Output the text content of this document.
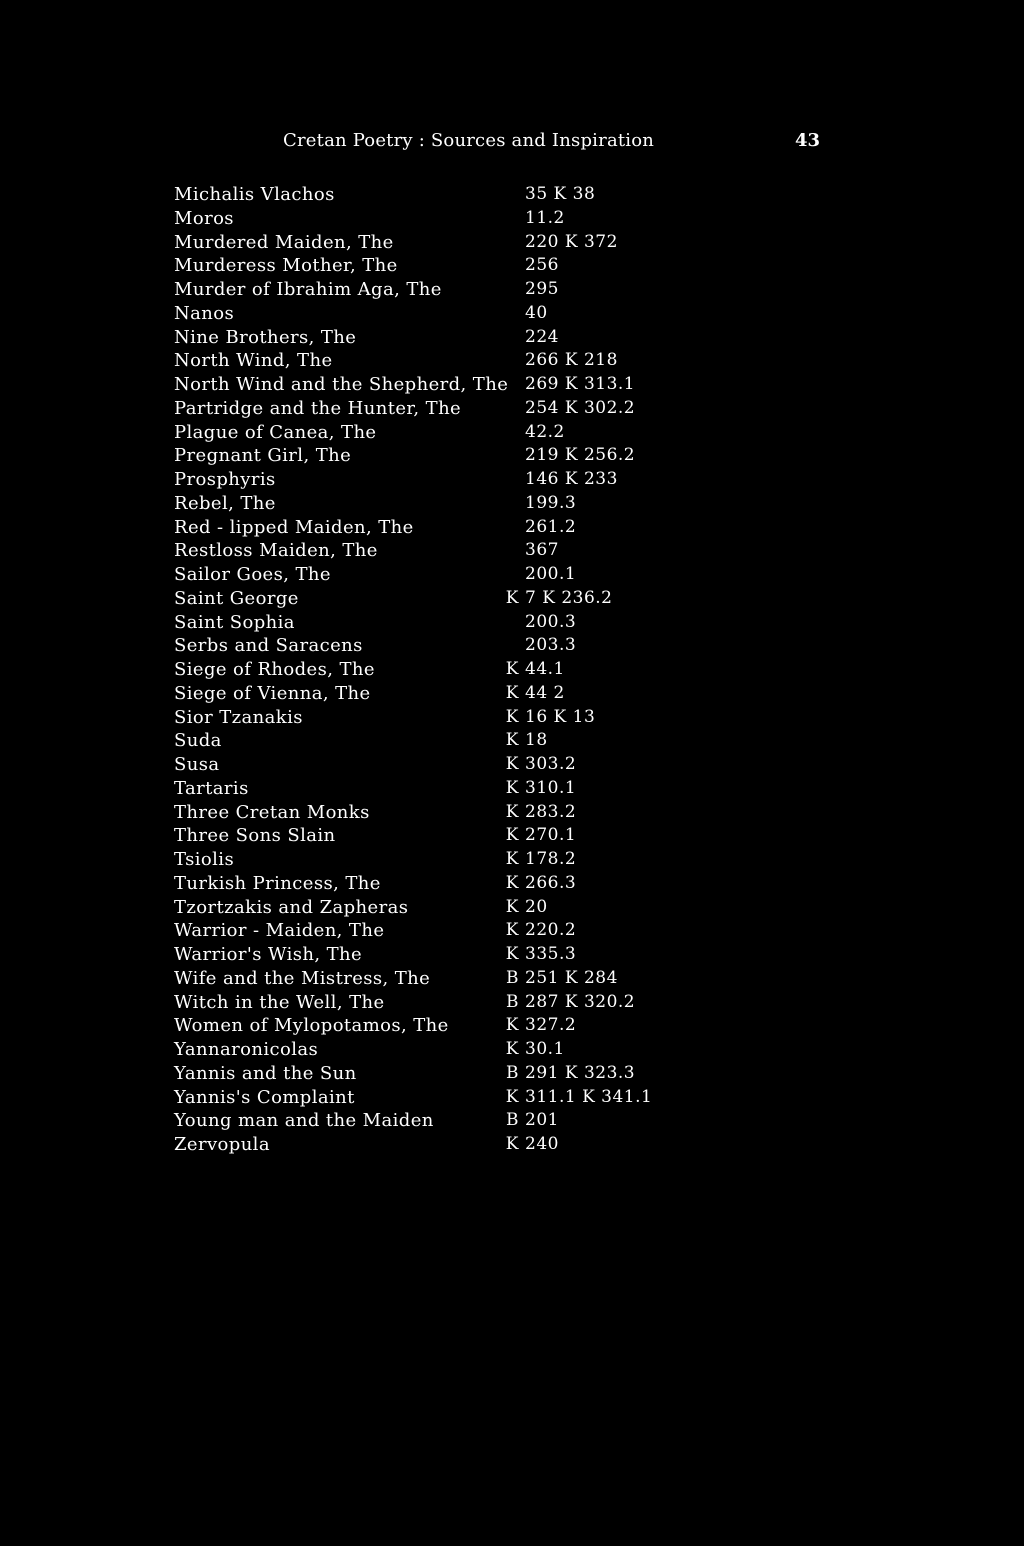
Cretan Poetry : Sources and Inspiration	43
Michalis Vlachos	35 K 38
Moros	11.2
Murdered Maiden, The	220 K 372
Murderess Mother, The	256
Murder of Ibrahim Aga, The	295
Nanos	40
Nine Brothers, The	224
North Wind, The	266 K 218
North Wind and the Shepherd, The 269 K 313.1
Partridge and the Hunter, The	254 K 302.2
Plague of Canea, The	42.2
Pregnant Girl, The	219 K 256.2
Prosphyris	146 K 233
Rebel, The	199.3
Red - lipped Maiden, The	261.2
Restloss Maiden, The	367
Sailor Goes, The	200.1
Saint George	K 7 K 236.2
Saint Sophia	200.3
Serbs and Saracens	203.3
Siege of Rhodes, The	K 44.1
Siege of Vienna, The	K 44 2
Sior Tzanakis	K 16 K 13
Suda	K 18
Susa	K 303.2
Tartaris	K 310.1
Three Cretan Monks	K 283.2
Three Sons Slain	K 270.1
Tsiolis	K 178.2
Turkish Princess, The	K 266.3
Tzortzakis and Zapheras	K 20
Warrior - Maiden, The	K 220.2
Warrior's Wish, The	K 335.3
Wife and the Mistress, The	B 251 K 284
Witch in the Well, The	B 287 K 320.2
Women of Mylopotamos, The	K 327.2
Yannaronicolas	K 30.1
Yannis and the Sun	B 291 K 323.3
Yannis's Complaint	K 311.1 K 341.1
Young man and the Maiden	B 201
Zervopula	K 240
